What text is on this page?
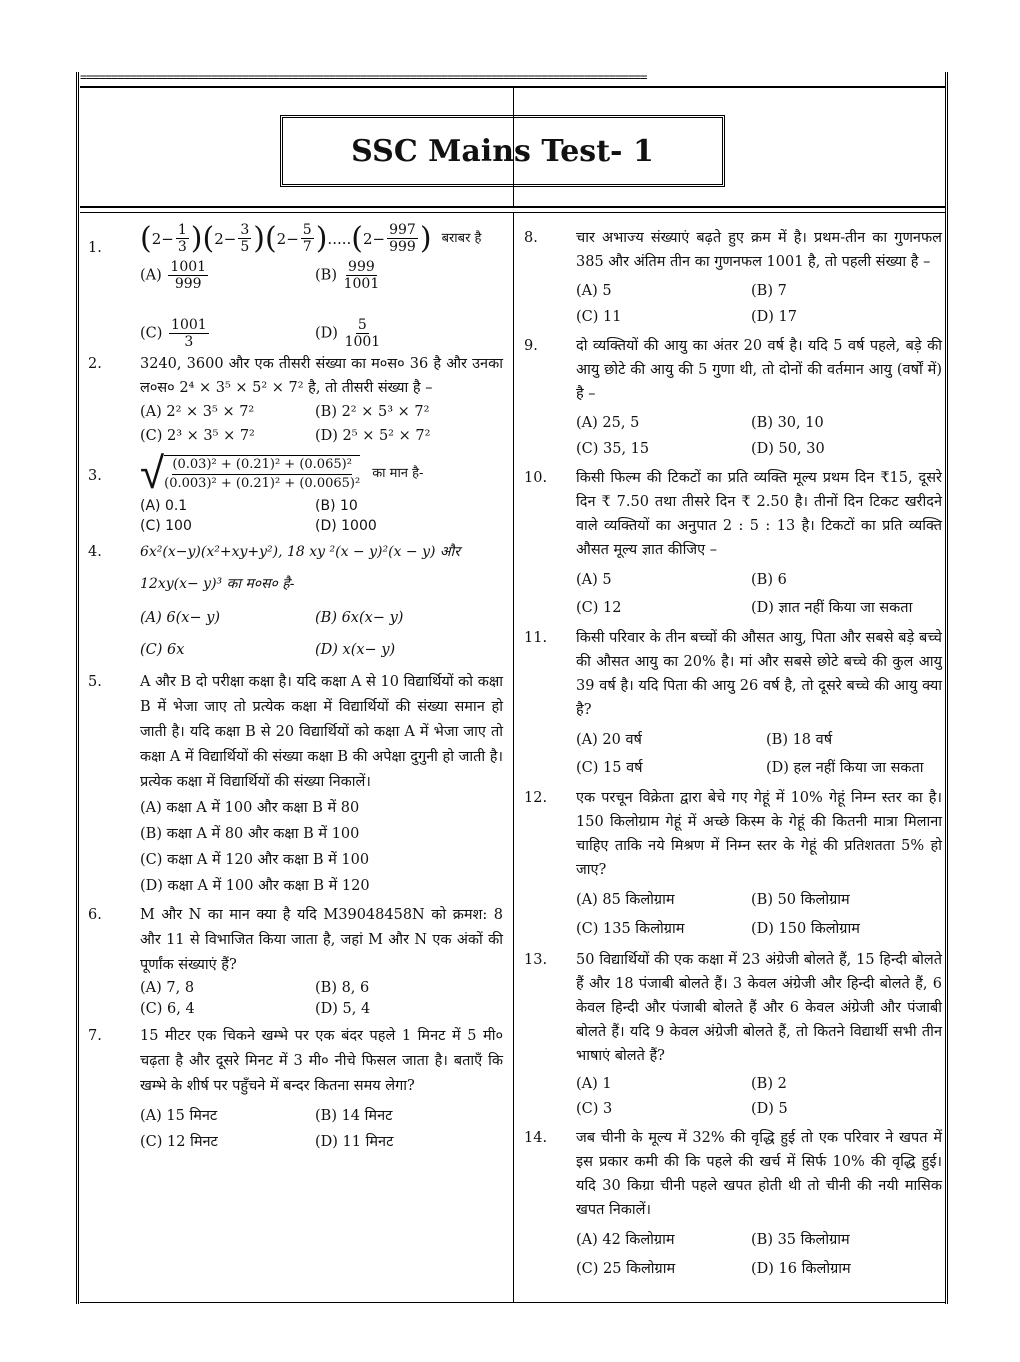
===========================================================================================
SSC Mains Test- 1
1. ( $2- \frac{1}{3}$ )( $2- \frac{3}{5}$ )( $2- \frac{5}{7}$ ) ..... ( $2- \frac{997}{999}$ ) बराबर है
$(A) \frac{1001}{999}$	$(B) \frac{999}{1001}$
$(C) \frac{1001}{3}$	$(D) \frac{5}{1001}$
2.	3240, 3600 और एक तीसरी संख्या का म०स० 36 है और उनका ल०स० 2⁴ × 3⁵ × 5² × 7² है, तो तीसरी संख्या है –
(A) 2² × 3⁵ × 7²	(B) 2² × 5³ × 7²
(C) 2³ × 3⁵ × 7²	(D) 2⁵ × 5² × 7²
3. √ (0.03)² + (0.21)² + (0.065)²
(0.003)² + (0.21)² + (0.0065)²
का मान है-
(A) 0.1	(B) 10
(C) 100	(D) 1000
4.	6x²(x−y)(x²+xy+y²), 18 xy ²(x − y)²(x − y) और
12xy(x− y)³ का म०स० है-
(A) 6(x− y)	(B) 6x(x− y)
(C) 6x	(D) x(x− y)
5.	A और B दो परीक्षा कक्षा है। यदि कक्षा A से 10 विद्यार्थियों को कक्षा B में भेजा जाए तो प्रत्येक कक्षा में विद्यार्थियों की संख्या समान हो जाती है। यदि कक्षा B से 20 विद्यार्थियों को कक्षा A में भेजा जाए तो कक्षा A में विद्यार्थियों की संख्या कक्षा B की अपेक्षा दुगुनी हो जाती है। प्रत्येक कक्षा में विद्यार्थियों की संख्या निकालें।
(A) कक्षा A में 100 और कक्षा B में 80
(B) कक्षा A में 80 और कक्षा B में 100
(C) कक्षा A में 120 और कक्षा B में 100
(D) कक्षा A में 100 और कक्षा B में 120
6.	M और N का मान क्या है यदि M39048458N को क्रमश: 8 और 11 से विभाजित किया जाता है, जहां M और N एक अंकों की पूर्णांक संख्याएं हैं?
(A) 7, 8	(B) 8, 6
(C) 6, 4	(D) 5, 4
7.	15 मीटर एक चिकने खम्भे पर एक बंदर पहले 1 मिनट में 5 मी० चढ़ता है और दूसरे मिनट में 3 मी० नीचे फिसल जाता है। बताएँ कि खम्भे के शीर्ष पर पहुँचने में बन्दर कितना समय लेगा?
(A) 15 मिनट	(B) 14 मिनट
(C) 12 मिनट	(D) 11 मिनट
8.	चार अभाज्य संख्याएं बढ़ते हुए क्रम में है। प्रथम-तीन का गुणनफल 385 और अंतिम तीन का गुणनफल 1001 है, तो पहली संख्या है –
(A) 5	(B) 7
(C) 11	(D) 17
9.	दो व्यक्तियों की आयु का अंतर 20 वर्ष है। यदि 5 वर्ष पहले, बड़े की आयु छोटे की आयु की 5 गुणा थी, तो दोनों की वर्तमान आयु (वर्षों में) है –
(A) 25, 5	(B) 30, 10
(C) 35, 15	(D) 50, 30
10. किसी फिल्म की टिकटों का प्रति व्यक्ति मूल्य प्रथम दिन ₹15, दूसरे दिन ₹ 7.50 तथा तीसरे दिन ₹ 2.50 है। तीनों दिन टिकट खरीदने वाले व्यक्तियों का अनुपात 2 : 5 : 13 है। टिकटों का प्रति व्यक्ति औसत मूल्य ज्ञात कीजिए –
(A) 5	(B) 6
(C) 12	(D) ज्ञात नहीं किया जा सकता
11. किसी परिवार के तीन बच्चों की औसत आयु, पिता और सबसे बड़े बच्चे की औसत आयु का 20% है। मां और सबसे छोटे बच्चे की कुल आयु 39 वर्ष है। यदि पिता की आयु 26 वर्ष है, तो दूसरे बच्चे की आयु क्या है?
(A) 20 वर्ष	(B) 18 वर्ष
(C) 15 वर्ष	(D) हल नहीं किया जा सकता
12. एक परचून विक्रेता द्वारा बेचे गए गेहूं में 10% गेहूं निम्न स्तर का है। 150 किलोग्राम गेहूं में अच्छे किस्म के गेहूं की कितनी मात्रा मिलाना चाहिए ताकि नये मिश्रण में निम्न स्तर के गेहूं की प्रतिशतता 5% हो जाए?
(A) 85 किलोग्राम	(B) 50 किलोग्राम
(C) 135 किलोग्राम	(D) 150 किलोग्राम
13. 50 विद्यार्थियों की एक कक्षा में 23 अंग्रेजी बोलते हैं, 15 हिन्दी बोलते हैं और 18 पंजाबी बोलते हैं। 3 केवल अंग्रेजी और हिन्दी बोलते हैं, 6 केवल हिन्दी और पंजाबी बोलते हैं और 6 केवल अंग्रेजी और पंजाबी बोलते हैं। यदि 9 केवल अंग्रेजी बोलते हैं, तो कितने विद्यार्थी सभी तीन भाषाएं बोलते हैं?
(A) 1	(B) 2
(C) 3	(D) 5
14. जब चीनी के मूल्य में 32% की वृद्धि हुई तो एक परिवार ने खपत में इस प्रकार कमी की कि पहले की खर्च में सिर्फ 10% की वृद्धि हुई। यदि 30 किग्रा चीनी पहले खपत होती थी तो चीनी की नयी मासिक खपत निकालें।
(A) 42 किलोग्राम	(B) 35 किलोग्राम
(C) 25 किलोग्राम	(D) 16 किलोग्राम
